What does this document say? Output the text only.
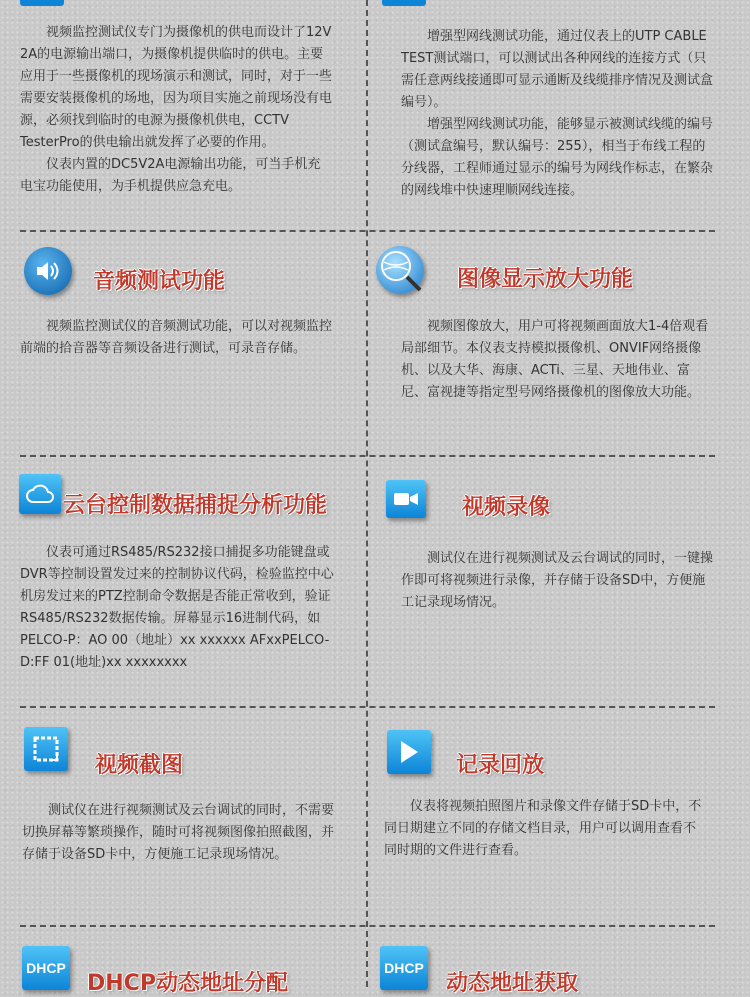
视频监控测试仪专门为摄像机的供电而设计了12V 2A的电源输出端口，为摄像机提供临时的供电。主要应用于一些摄像机的现场演示和测试，同时，对于一些需要安装摄像机的场地，因为项目实施之前现场没有电源，必须找到临时的电源为摄像机供电，CCTV TesterPro的供电输出就发挥了必要的作用。

仪表内置的DC5V2A电源输出功能，可当手机充电宝功能使用，为手机提供应急充电。

增强型网线测试功能，通过仪表上的UTP CABLE TEST测试端口，可以测试出各种网线的连接方式（只需任意两线接通即可显示通断及线缆排序情况及测试盒编号）。

增强型网线测试功能，能够显示被测试线缆的编号（测试盒编号，默认编号：255），相当于布线工程的分线器，工程师通过显示的编号为网线作标志，在繁杂的网线堆中快速理顺网线连接。

音频测试功能

视频监控测试仪的音频测试功能，可以对视频监控前端的拾音器等音频设备进行测试，可录音存储。

图像显示放大功能

视频图像放大，用户可将视频画面放大1-4倍观看局部细节。本仪表支持模拟摄像机、ONVIF网络摄像机、以及大华、海康、ACTi、三星、天地伟业、富尼、富视捷等指定型号网络摄像机的图像放大功能。

云台控制数据捕捉分析功能

仪表可通过RS485/RS232接口捕捉多功能键盘或DVR等控制设置发过来的控制协议代码，检验监控中心机房发过来的PTZ控制命令数据是否能正常收到，验证RS485/RS232数据传输。屏幕显示16进制代码，如PELCO-P：AO 00（地址）xx xxxxxx AFxxPELCO-D:FF 01(地址)xx xxxxxxxx

视频录像

测试仪在进行视频测试及云台调试的同时，一键操作即可将视频进行录像，并存储于设备SD中，方便施工记录现场情况。

视频截图

测试仪在进行视频测试及云台调试的同时，不需要切换屏幕等繁琐操作，随时可将视频图像拍照截图，并存储于设备SD卡中，方便施工记录现场情况。

记录回放

仪表将视频拍照图片和录像文件存储于SD卡中，不同日期建立不同的存储文档目录，用户可以调用查看不同时期的文件进行查看。

DHCP
DHCP动态地址分配
DHCP
动态地址获取
